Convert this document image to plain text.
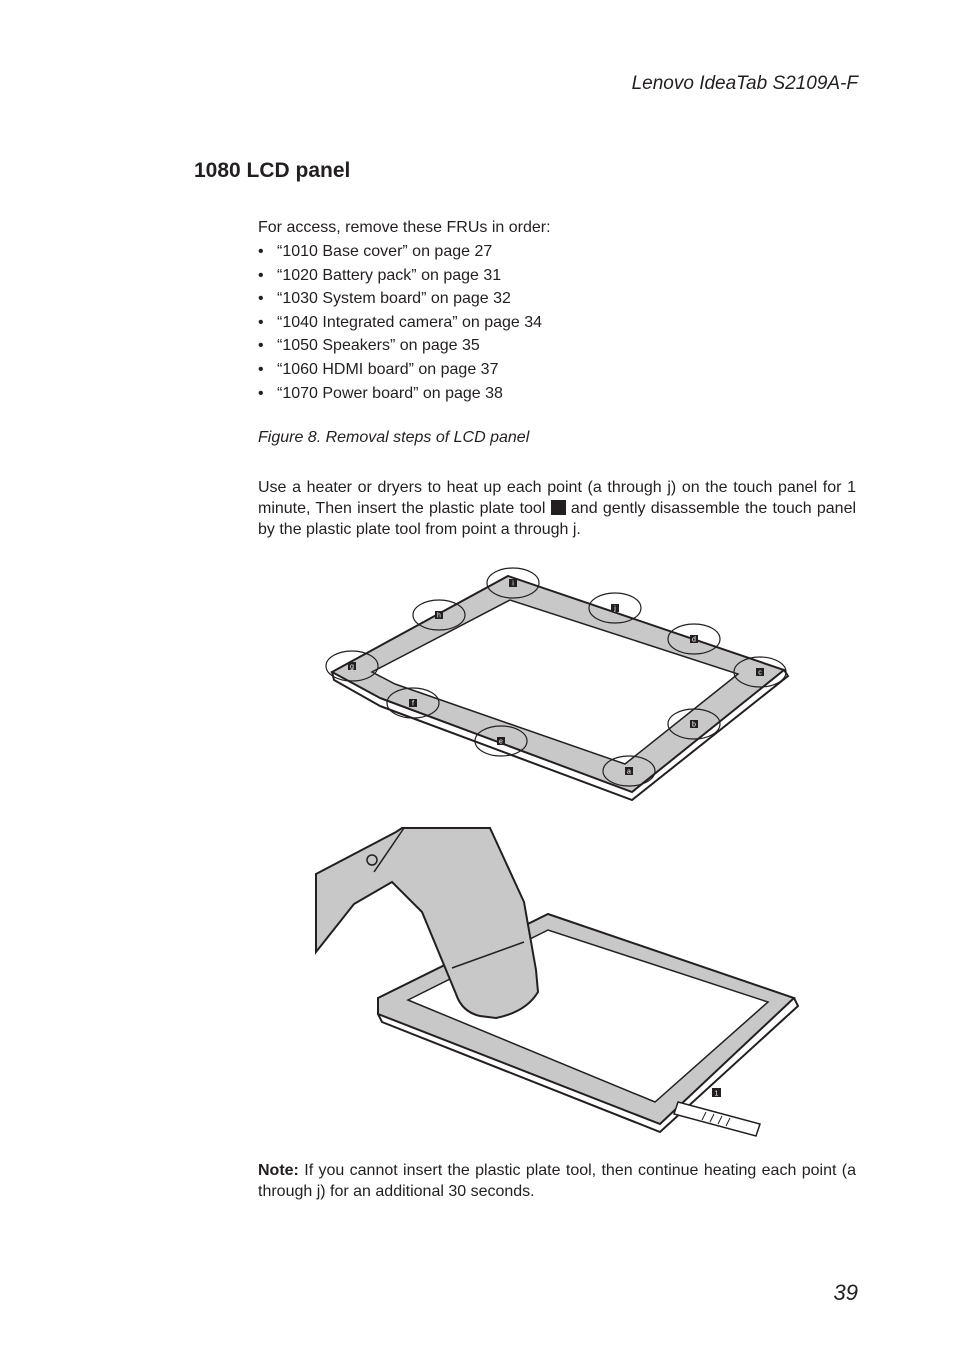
Lenovo IdeaTab S2109A-F
1080 LCD panel
For access, remove these FRUs in order:
• “1010 Base cover” on page 27
• “1020 Battery pack” on page 31
• “1030 System board” on page 32
• “1040 Integrated camera” on page 34
• “1050 Speakers” on page 35
• “1060 HDMI board” on page 37
• “1070 Power board” on page 38
Figure 8. Removal steps of LCD panel
Use a heater or dryers to heat up each point (a through j) on the touch panel for 1 minute, Then insert the plastic plate tool and gently disassemble the touch panel by the plastic plate tool from point a through j.
a
b
c
d
e
f
g
h
i
j
1
Note: If you cannot insert the plastic plate tool, then continue heating each point (a through j) for an additional 30 seconds.
39
